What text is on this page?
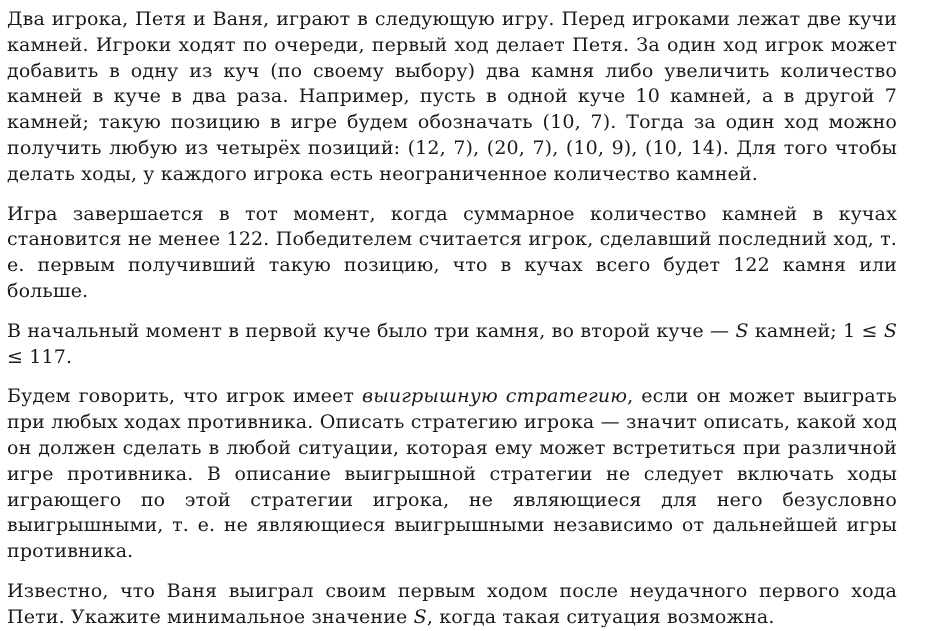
Два игрока, Петя и Ваня, играют в следующую игру. Перед игроками лежат две кучи камней. Игроки ходят по очереди, первый ход делает Петя. За один ход игрок может добавить в одну из куч (по своему выбору) два камня либо увеличить количество камней в куче в два раза. Например, пусть в одной куче 10 камней, а в другой 7 камней; такую позицию в игре будем обозначать (10, 7). Тогда за один ход можно получить любую из четырёх позиций: (12, 7), (20, 7), (10, 9), (10, 14). Для того чтобы делать ходы, у каждого игрока есть неограниченное количество камней.

Игра завершается в тот момент, когда суммарное количество камней в кучах становится не менее 122. Победителем считается игрок, сделавший последний ход, т. е. первым получивший такую позицию, что в кучах всего будет 122 камня или больше.

В начальный момент в первой куче было три камня, во второй куче — S камней; 1 ≤ S ≤ 117.

Будем говорить, что игрок имеет выигрышную стратегию, если он может выиграть при любых ходах противника. Описать стратегию игрока — значит описать, какой ход он должен сделать в любой ситуации, которая ему может встретиться при различной игре противника. В описание выигрышной стратегии не следует включать ходы играющего по этой стратегии игрока, не являющиеся для него безусловно выигрышными, т. е. не являющиеся выигрышными независимо от дальнейшей игры противника.

Известно, что Ваня выиграл своим первым ходом после неудачного первого хода Пети. Укажите минимальное значение S, когда такая ситуация возможна.
